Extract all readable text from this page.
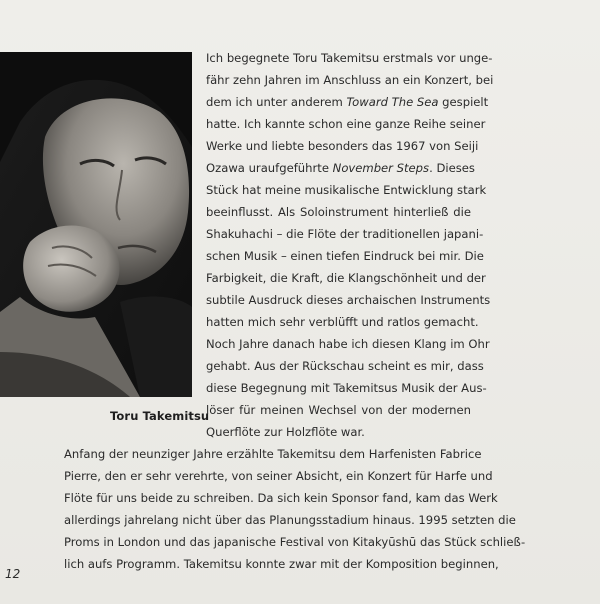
Toru Takemitsu
Ich begegnete Toru Takemitsu erstmals vor unge-
fähr zehn Jahren im Anschluss an ein Konzert, bei
dem ich unter anderem Toward The Sea gespielt
hatte. Ich kannte schon eine ganze Reihe seiner
Werke und liebte besonders das 1967 von Seiji
Ozawa uraufgeführte November Steps. Dieses
Stück hat meine musikalische Entwicklung stark
beeinflusst. Als Soloinstrument hinterließ die
Shakuhachi – die Flöte der traditionellen japani-
schen Musik – einen tiefen Eindruck bei mir. Die
Farbigkeit, die Kraft, die Klangschönheit und der
subtile Ausdruck dieses archaischen Instruments
hatten mich sehr verblüfft und ratlos gemacht.
Noch Jahre danach habe ich diesen Klang im Ohr
gehabt. Aus der Rückschau scheint es mir, dass
diese Begegnung mit Takemitsus Musik der Aus-
löser für meinen Wechsel von der modernen
Querflöte zur Holzflöte war.
Anfang der neunziger Jahre erzählte Takemitsu dem Harfenisten Fabrice
Pierre, den er sehr verehrte, von seiner Absicht, ein Konzert für Harfe und
Flöte für uns beide zu schreiben. Da sich kein Sponsor fand, kam das Werk
allerdings jahrelang nicht über das Planungsstadium hinaus. 1995 setzten die
Proms in London und das japanische Festival von Kitakyūshū das Stück schließ-
lich aufs Programm. Takemitsu konnte zwar mit der Komposition beginnen,
12
